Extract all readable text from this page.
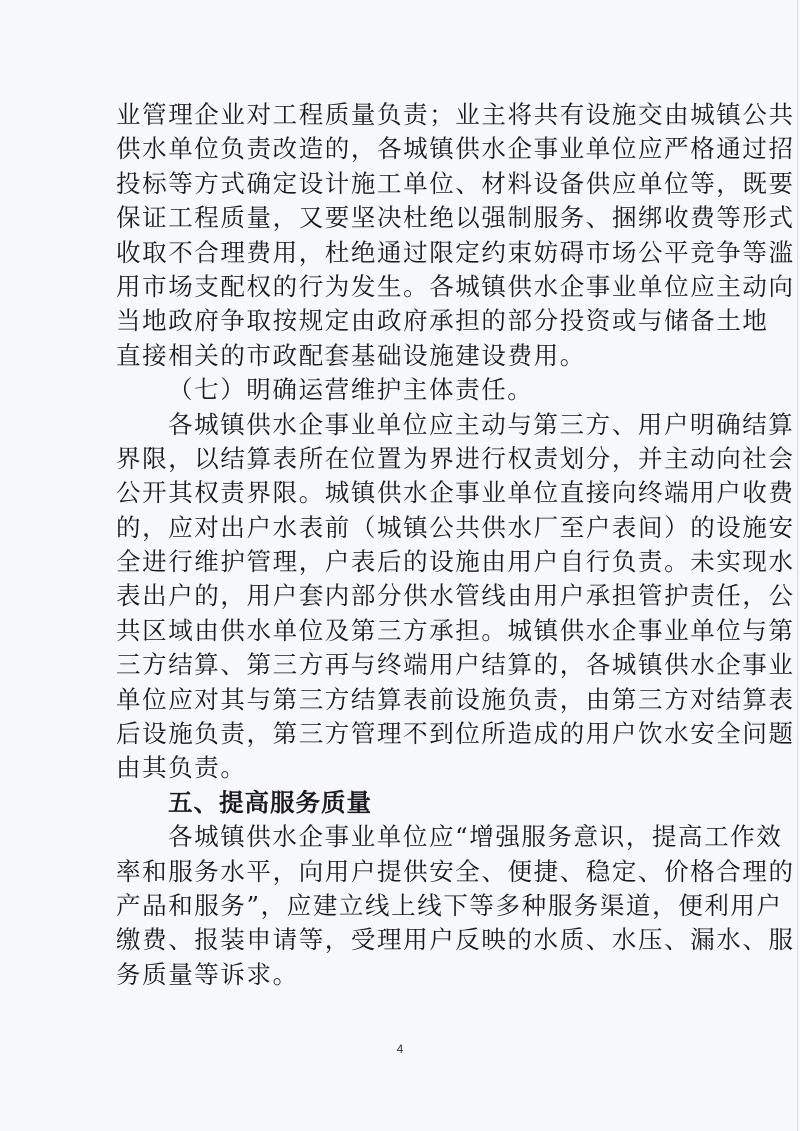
业管理企业对工程质量负责；业主将共有设施交由城镇公共
供水单位负责改造的，各城镇供水企事业单位应严格通过招
投标等方式确定设计施工单位、材料设备供应单位等，既要
保证工程质量，又要坚决杜绝以强制服务、捆绑收费等形式
收取不合理费用，杜绝通过限定约束妨碍市场公平竞争等滥
用市场支配权的行为发生。各城镇供水企事业单位应主动向
当地政府争取按规定由政府承担的部分投资或与储备土地
直接相关的市政配套基础设施建设费用。
（七）明确运营维护主体责任。
各城镇供水企事业单位应主动与第三方、用户明确结算
界限，以结算表所在位置为界进行权责划分，并主动向社会
公开其权责界限。城镇供水企事业单位直接向终端用户收费
的，应对出户水表前（城镇公共供水厂至户表间）的设施安
全进行维护管理，户表后的设施由用户自行负责。未实现水
表出户的，用户套内部分供水管线由用户承担管护责任，公
共区域由供水单位及第三方承担。城镇供水企事业单位与第
三方结算、第三方再与终端用户结算的，各城镇供水企事业
单位应对其与第三方结算表前设施负责，由第三方对结算表
后设施负责，第三方管理不到位所造成的用户饮水安全问题
由其负责。
五、提高服务质量
各城镇供水企事业单位应“增强服务意识，提高工作效
率和服务水平，向用户提供安全、便捷、稳定、价格合理的
产品和服务”，应建立线上线下等多种服务渠道，便利用户
缴费、报装申请等，受理用户反映的水质、水压、漏水、服
务质量等诉求。
4
